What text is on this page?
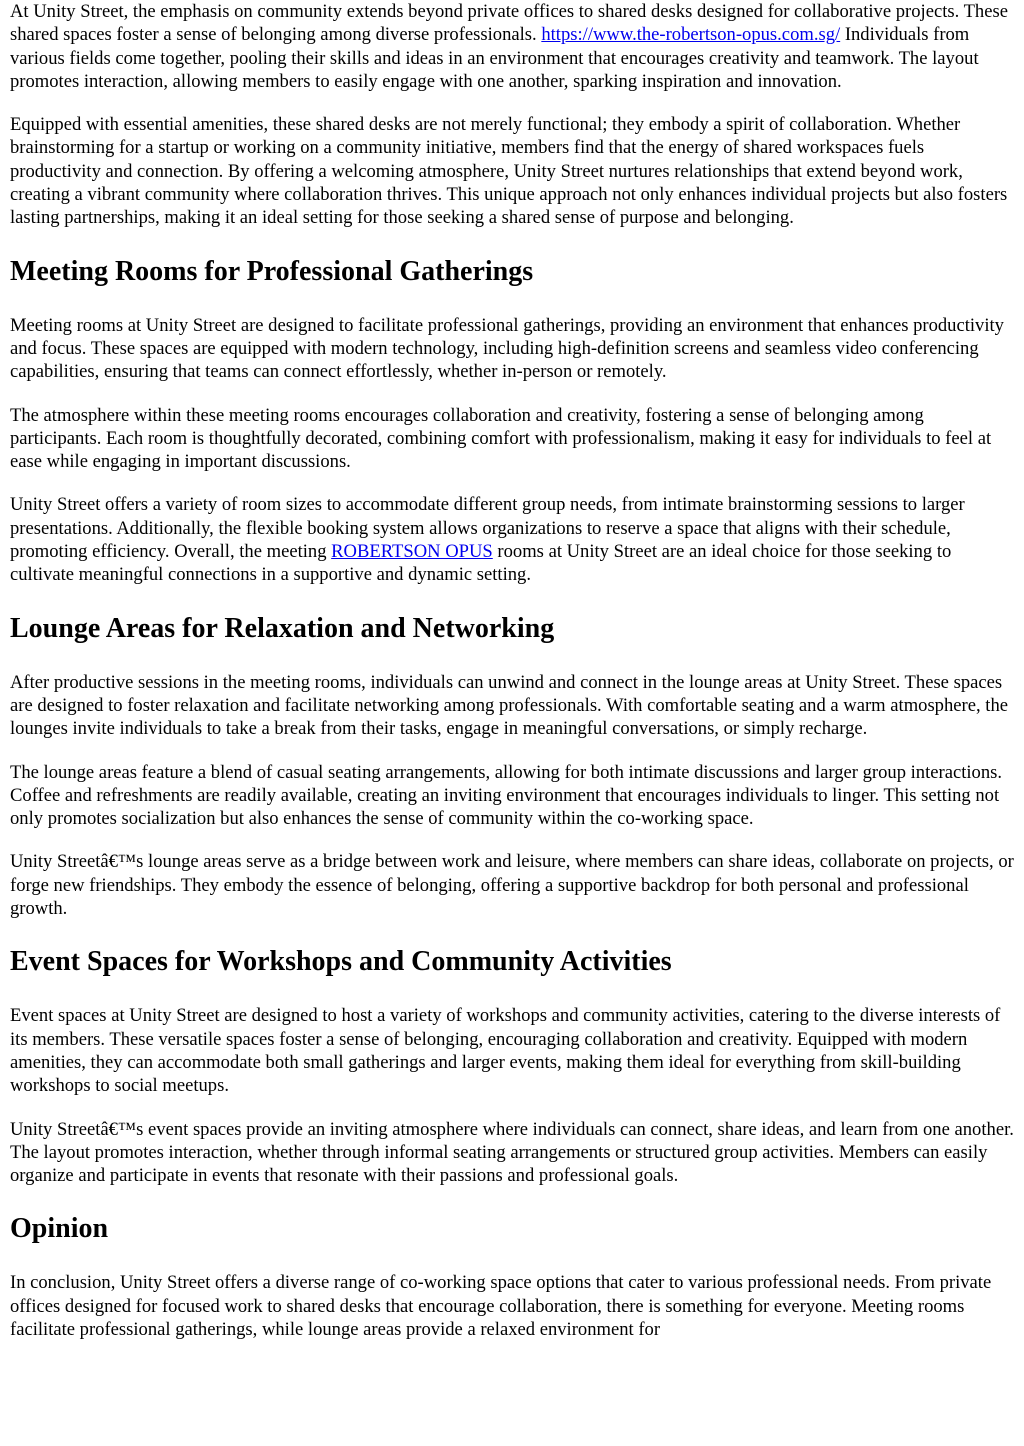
At Unity Street, the emphasis on community extends beyond private offices to shared desks designed for collaborative projects. These shared spaces foster a sense of belonging among diverse professionals. https://www.the-robertson-opus.com.sg/ Individuals from various fields come together, pooling their skills and ideas in an environment that encourages creativity and teamwork. The layout promotes interaction, allowing members to easily engage with one another, sparking inspiration and innovation.

Equipped with essential amenities, these shared desks are not merely functional; they embody a spirit of collaboration. Whether brainstorming for a startup or working on a community initiative, members find that the energy of shared workspaces fuels productivity and connection. By offering a welcoming atmosphere, Unity Street nurtures relationships that extend beyond work, creating a vibrant community where collaboration thrives. This unique approach not only enhances individual projects but also fosters lasting partnerships, making it an ideal setting for those seeking a shared sense of purpose and belonging.

Meeting Rooms for Professional Gatherings

Meeting rooms at Unity Street are designed to facilitate professional gatherings, providing an environment that enhances productivity and focus. These spaces are equipped with modern technology, including high-definition screens and seamless video conferencing capabilities, ensuring that teams can connect effortlessly, whether in-person or remotely.

The atmosphere within these meeting rooms encourages collaboration and creativity, fostering a sense of belonging among participants. Each room is thoughtfully decorated, combining comfort with professionalism, making it easy for individuals to feel at ease while engaging in important discussions.

Unity Street offers a variety of room sizes to accommodate different group needs, from intimate brainstorming sessions to larger presentations. Additionally, the flexible booking system allows organizations to reserve a space that aligns with their schedule, promoting efficiency. Overall, the meeting ROBERTSON OPUS rooms at Unity Street are an ideal choice for those seeking to cultivate meaningful connections in a supportive and dynamic setting.

Lounge Areas for Relaxation and Networking

After productive sessions in the meeting rooms, individuals can unwind and connect in the lounge areas at Unity Street. These spaces are designed to foster relaxation and facilitate networking among professionals. With comfortable seating and a warm atmosphere, the lounges invite individuals to take a break from their tasks, engage in meaningful conversations, or simply recharge.

The lounge areas feature a blend of casual seating arrangements, allowing for both intimate discussions and larger group interactions. Coffee and refreshments are readily available, creating an inviting environment that encourages individuals to linger. This setting not only promotes socialization but also enhances the sense of community within the co-working space.

Unity Streetâ€™s lounge areas serve as a bridge between work and leisure, where members can share ideas, collaborate on projects, or forge new friendships. They embody the essence of belonging, offering a supportive backdrop for both personal and professional growth.

Event Spaces for Workshops and Community Activities

Event spaces at Unity Street are designed to host a variety of workshops and community activities, catering to the diverse interests of its members. These versatile spaces foster a sense of belonging, encouraging collaboration and creativity. Equipped with modern amenities, they can accommodate both small gatherings and larger events, making them ideal for everything from skill-building workshops to social meetups.

Unity Streetâ€™s event spaces provide an inviting atmosphere where individuals can connect, share ideas, and learn from one another. The layout promotes interaction, whether through informal seating arrangements or structured group activities. Members can easily organize and participate in events that resonate with their passions and professional goals.

Opinion

In conclusion, Unity Street offers a diverse range of co-working space options that cater to various professional needs. From private offices designed for focused work to shared desks that encourage collaboration, there is something for everyone. Meeting rooms facilitate professional gatherings, while lounge areas provide a relaxed environment for
